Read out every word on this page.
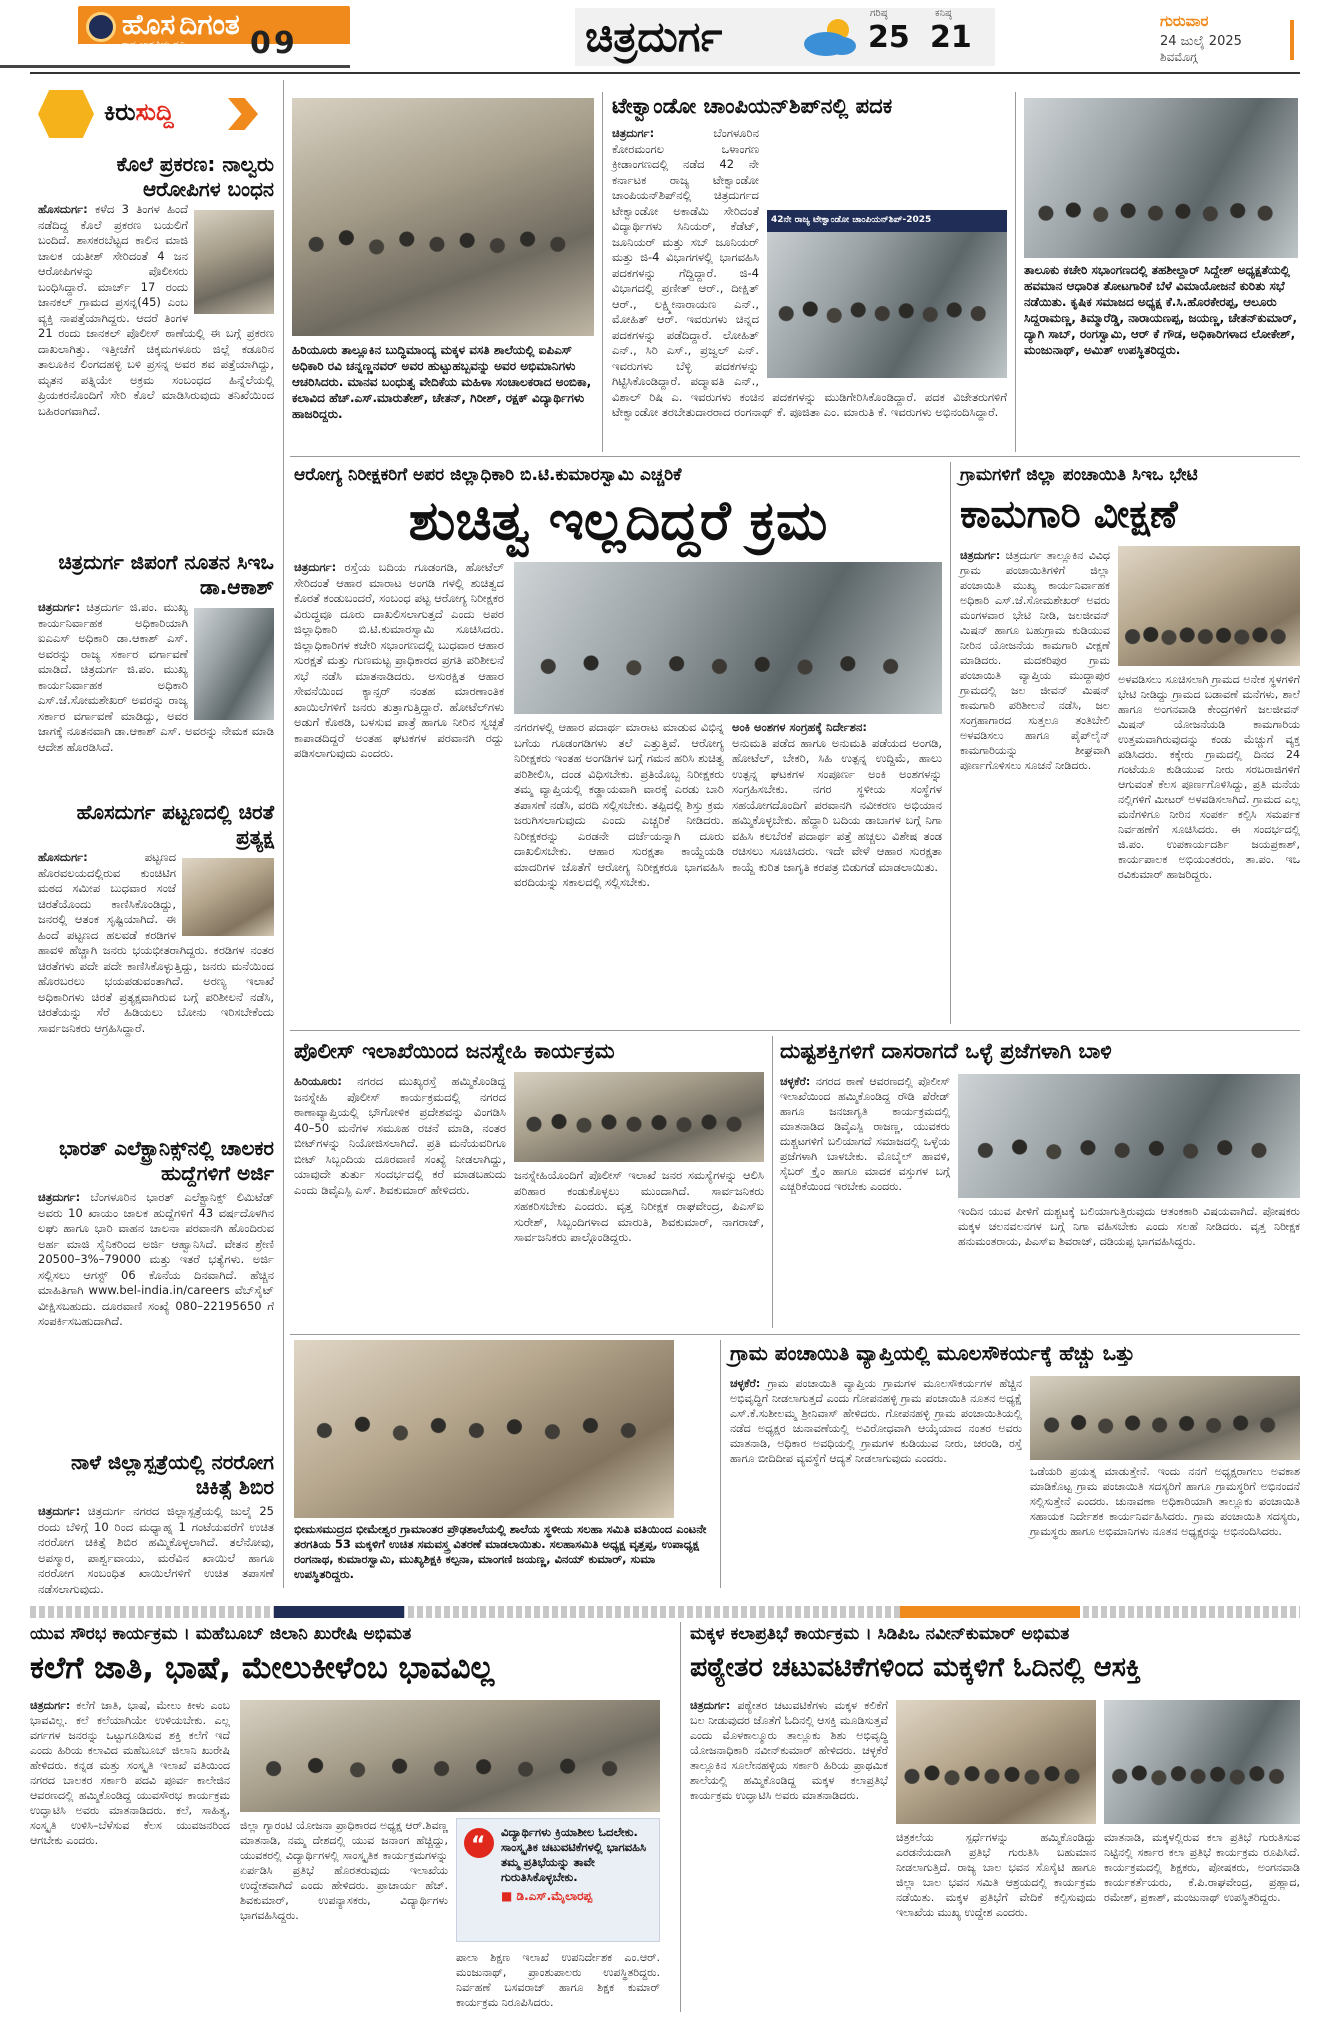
ಹೊಸ ದಿಗಂತ
09	ಚಿತ್ರದುರ್ಗ	ಗರಿಷ್ಠ
25
ಕನಿಷ್ಠ
21	ಗುರುವಾರ
24 ಜುಲೈ 2025
ಶಿವಮೊಗ್ಗ
ಕಿರುಸುದ್ದಿ
ಕೊಲೆ ಪ್ರಕರಣ: ನಾಲ್ವರು ಆರೋಪಿಗಳ ಬಂಧನ
ಹೊಸದುರ್ಗ: ಕಳೆದ 3 ತಿಂಗಳ ಹಿಂದೆ ನಡೆದಿದ್ದ ಕೊಲೆ ಪ್ರಕರಣ ಬಯಲಿಗೆ ಬಂದಿದೆ. ಶಾಸಕರಬೆಟ್ಟದ ಕಾಲಿನ ಮಾಜಿ ಚಾಲಕ ಯತೀಶ್ ಸೇರಿದಂತೆ 4 ಜನ ಆರೋಪಿಗಳನ್ನು ಪೊಲೀಸರು ಬಂಧಿಸಿದ್ದಾರೆ. ಮಾರ್ಚ್ 17 ರಂದು ಜಾನಕಲ್ ಗ್ರಾಮದ ಪ್ರಸನ್ನ(45) ಎಂಬ ವ್ಯಕ್ತಿ ನಾಪತ್ತೆಯಾಗಿದ್ದರು. ಆದರೆ ತಿಂಗಳ 21 ರಂದು ಜಾನಕಲ್ ಪೊಲೀಸ್ ಠಾಣೆಯಲ್ಲಿ ಈ ಬಗ್ಗೆ ಪ್ರಕರಣ ದಾಖಲಾಗಿತ್ತು. ಇತ್ತೀಚೆಗೆ ಚಿಕ್ಕಮಗಳೂರು ಜಿಲ್ಲೆ ಕಡೂರಿನ ತಾಲೂಕಿನ ಲಿಂಗದಹಳ್ಳಿ ಬಳಿ ಪ್ರಸನ್ನ ಅವರ ಶವ ಪತ್ತೆಯಾಗಿದ್ದು, ಮೃತನ ಪತ್ನಿಯೇ ಅಕ್ರಮ ಸಂಬಂಧದ ಹಿನ್ನೆಲೆಯಲ್ಲಿ ಪ್ರಿಯಕರನೊಂದಿಗೆ ಸೇರಿ ಕೊಲೆ ಮಾಡಿಸಿರುವುದು ತನಿಖೆಯಿಂದ ಬಹಿರಂಗವಾಗಿದೆ.
ಚಿತ್ರದುರ್ಗ ಜಿಪಂಗೆ ನೂತನ ಸಿಇಒ ಡಾ.ಆಕಾಶ್
ಚಿತ್ರದುರ್ಗ: ಚಿತ್ರದುರ್ಗ ಜಿ.ಪಂ. ಮುಖ್ಯ ಕಾರ್ಯನಿರ್ವಾಹಕ ಅಧಿಕಾರಿಯಾಗಿ ಐಎಎಸ್ ಅಧಿಕಾರಿ ಡಾ.ಆಕಾಶ್ ಎಸ್. ಅವರನ್ನು ರಾಜ್ಯ ಸರ್ಕಾರ ವರ್ಗಾವಣೆ ಮಾಡಿದೆ. ಚಿತ್ರದುರ್ಗ ಜಿ.ಪಂ. ಮುಖ್ಯ ಕಾರ್ಯನಿರ್ವಾಹಕ ಅಧಿಕಾರಿ ಎಸ್.ಜೆ.ಸೋಮಶೇಖರ್ ಅವರನ್ನು ರಾಜ್ಯ ಸರ್ಕಾರ ವರ್ಗಾವಣೆ ಮಾಡಿದ್ದು, ಅವರ ಜಾಗಕ್ಕೆ ನೂತನವಾಗಿ ಡಾ.ಆಕಾಶ್ ಎಸ್. ಅವರನ್ನು ನೇಮಕ ಮಾಡಿ ಆದೇಶ ಹೊರಡಿಸಿದೆ.
ಹೊಸದುರ್ಗ ಪಟ್ಟಣದಲ್ಲಿ ಚಿರತೆ ಪ್ರತ್ಯಕ್ಷ
ಹೊಸದುರ್ಗ:	ಪಟ್ಟಣದ ಹೊರವಲಯದಲ್ಲಿರುವ ಕುಂಚಿಟಿಗ ಮಠದ ಸಮೀಪ ಬುಧವಾರ ಸಂಜೆ ಚಿರತೆಯೊಂದು ಕಾಣಿಸಿಕೊಂಡಿದ್ದು, ಜನರಲ್ಲಿ ಆತಂಕ ಸೃಷ್ಟಿಯಾಗಿದೆ. ಈ ಹಿಂದೆ ಪಟ್ಟಣದ ಹಲವಡೆ ಕರಡಿಗಳ ಹಾವಳಿ ಹೆಚ್ಚಾಗಿ ಜನರು ಭಯಭೀತರಾಗಿದ್ದರು. ಕರಡಿಗಳ ನಂತರ ಚಿರತೆಗಳು ಪದೇ ಪದೇ ಕಾಣಿಸಿಕೊಳ್ಳುತ್ತಿದ್ದು, ಜನರು ಮನೆಯಿಂದ ಹೊರಬರಲು ಭಯಪಡುವಂತಾಗಿದೆ. ಅರಣ್ಯ ಇಲಾಖೆ ಅಧಿಕಾರಿಗಳು ಚಿರತೆ ಪ್ರತ್ಯಕ್ಷವಾಗಿರುವ ಬಗ್ಗೆ ಪರಿಶೀಲನೆ ನಡೆಸಿ, ಚಿರತೆಯನ್ನು ಸೆರೆ ಹಿಡಿಯಲು ಬೋನು ಇರಿಸಬೇಕೆಂದು ಸಾರ್ವಜನಿಕರು ಆಗ್ರಹಿಸಿದ್ದಾರೆ.
ಭಾರತ್ ಎಲೆಕ್ಟ್ರಾನಿಕ್ಸ್‌ನಲ್ಲಿ ಚಾಲಕರ ಹುದ್ದೆಗಳಿಗೆ ಅರ್ಜಿ
ಚಿತ್ರದುರ್ಗ: ಬೆಂಗಳೂರಿನ ಭಾರತ್ ಎಲೆಕ್ಟ್ರಾನಿಕ್ಸ್ ಲಿಮಿಟೆಡ್ ಅವರು 10 ಖಾಯಂ ಚಾಲಕ ಹುದ್ದೆಗಳಿಗೆ 43 ವರ್ಷದೊಳಗಿನ ಲಘು ಹಾಗೂ ಭಾರಿ ವಾಹನ ಚಾಲನಾ ಪರವಾನಗಿ ಹೊಂದಿರುವ ಅರ್ಹ ಮಾಜಿ ಸೈನಿಕರಿಂದ ಅರ್ಜಿ ಆಹ್ವಾನಿಸಿದೆ. ವೇತನ ಶ್ರೇಣಿ 20500–3%–79000 ಮತ್ತು ಇತರೆ ಭತ್ಯೆಗಳು. ಅರ್ಜಿ ಸಲ್ಲಿಸಲು ಆಗಸ್ಟ್ 06 ಕೊನೆಯ ದಿನವಾಗಿದೆ. ಹೆಚ್ಚಿನ ಮಾಹಿತಿಗಾಗಿ www.bel-india.in/careers ವೆಬ್‌ಸೈಟ್ ವೀಕ್ಷಿಸಬಹುದು. ದೂರವಾಣಿ ಸಂಖ್ಯೆ 080–22195650 ಗೆ ಸಂಪರ್ಕಿಸಬಹುದಾಗಿದೆ.
ನಾಳೆ ಜಿಲ್ಲಾಸ್ಪತ್ರೆಯಲ್ಲಿ ನರರೋಗ ಚಿಕಿತ್ಸೆ ಶಿಬಿರ
ಚಿತ್ರದುರ್ಗ: ಚಿತ್ರದುರ್ಗ ನಗರದ ಜಿಲ್ಲಾಸ್ಪತ್ರೆಯಲ್ಲಿ ಜುಲೈ 25 ರಂದು ಬೆಳಿಗ್ಗೆ 10 ರಿಂದ ಮಧ್ಯಾಹ್ನ 1 ಗಂಟೆಯವರೆಗೆ ಉಚಿತ ನರರೋಗ ಚಿಕಿತ್ಸೆ ಶಿಬಿರ ಹಮ್ಮಿಕೊಳ್ಳಲಾಗಿದೆ. ತಲೆನೋವು, ಅಪಸ್ಮಾರ, ಪಾರ್ಶ್ವವಾಯು, ಮರೆವಿನ ಖಾಯಿಲೆ ಹಾಗೂ ನರರೋಗ ಸಂಬಂಧಿತ ಖಾಯಿಲೆಗಳಿಗೆ ಉಚಿತ ತಪಾಸಣೆ ನಡೆಸಲಾಗುವುದು.
ಹಿರಿಯೂರು ತಾಲ್ಲೂಕಿನ ಬುದ್ಧಿಮಾಂದ್ಯ ಮಕ್ಕಳ ವಸತಿ ಶಾಲೆಯಲ್ಲಿ ಐಪಿಎಸ್ ಅಧಿಕಾರಿ ರವಿ ಚನ್ನಣ್ಣನವರ್ ಅವರ ಹುಟ್ಟುಹಬ್ಬವನ್ನು ಅವರ ಅಭಿಮಾನಿಗಳು ಆಚರಿಸಿದರು. ಮಾನವ ಬಂಧುತ್ವ ವೇದಿಕೆಯ ಮಹಿಳಾ ಸಂಚಾಲಕರಾದ ಅಂಬಿಕಾ, ಕಲಾವಿದ ಹೆಚ್.ಎಸ್.ಮಾರುತೇಶ್, ಚೇತನ್, ಗಿರೀಶ್, ರಕ್ಷಕ್ ವಿದ್ಯಾರ್ಥಿಗಳು ಹಾಜರಿದ್ದರು.
ಟೇಕ್ವಾಂಡೋ ಚಾಂಪಿಯನ್‌ಶಿಪ್‌ನಲ್ಲಿ ಪದಕ
42ನೇ ರಾಜ್ಯ ಟೇಕ್ವಾಂಡೋ ಚಾಂಪಿಯನ್‌ಶಿಪ್-2025
ಚಿತ್ರದುರ್ಗ:	ಬೆಂಗಳೂರಿನ ಕೋರಮಂಗಲ ಒಳಾಂಗಣ ಕ್ರೀಡಾಂಗಣದಲ್ಲಿ ನಡೆದ 42 ನೇ ಕರ್ನಾಟಕ ರಾಜ್ಯ ಟೇಕ್ವಾಂಡೋ ಚಾಂಪಿಯನ್‌ಶಿಪ್‌ನಲ್ಲಿ ಚಿತ್ರದುರ್ಗದ ಟೇಕ್ವಾಂಡೋ ಅಕಾಡೆಮಿ ಸೇರಿದಂತೆ ವಿದ್ಯಾರ್ಥಿಗಳು ಸಿನಿಯರ್, ಕೆಡೆಟ್, ಜೂನಿಯರ್ ಮತ್ತು ಸಬ್ ಜೂನಿಯರ್ ಮತ್ತು ಜಿ-4 ವಿಭಾಗಗಳಲ್ಲಿ ಭಾಗವಹಿಸಿ ಪದಕಗಳನ್ನು ಗೆದ್ದಿದ್ದಾರೆ. ಜಿ-4 ವಿಭಾಗದಲ್ಲಿ ಪ್ರಣೀತ್ ಆರ್., ದೀಕ್ಷಿತ್ ಆರ್., ಲಕ್ಷ್ಮೀನಾರಾಯಣ ಎನ್., ಮೋಹಿತ್ ಆರ್. ಇವರುಗಳು ಚಿನ್ನದ ಪದಕಗಳನ್ನು ಪಡೆದಿದ್ದಾರೆ. ಲೋಹಿತ್ ಎನ್., ಸಿರಿ ಎಸ್., ಪ್ರಜ್ವಲ್ ಎನ್. ಇವರುಗಳು ಬೆಳ್ಳಿ ಪದಕಗಳನ್ನು ಗಿಟ್ಟಿಸಿಕೊಂಡಿದ್ದಾರೆ. ಪದ್ಮಾವತಿ ಎನ್., ವಿಶಾಲ್ ರಿಷಿ ಎ. ಇವರುಗಳು ಕಂಚಿನ ಪದಕಗಳನ್ನು ಮುಡಿಗೇರಿಸಿಕೊಂಡಿದ್ದಾರೆ. ಪದಕ ವಿಜೇತರುಗಳಿಗೆ ಟೇಕ್ವಾಂಡೋ ತರಬೇತುದಾರರಾದ ರಂಗನಾಥ್ ಕೆ. ಪೂಜಿತಾ ಎಂ. ಮಾರುತಿ ಕೆ. ಇವರುಗಳು ಅಭಿನಂದಿಸಿದ್ದಾರೆ.
ತಾಲೂಕು ಕಚೇರಿ ಸಭಾಂಗಣದಲ್ಲಿ ತಹಶೀಲ್ದಾರ್ ಸಿದ್ದೇಶ್ ಅಧ್ಯಕ್ಷತೆಯಲ್ಲಿ ಹವಮಾನ ಆಧಾರಿತ ತೋಟಗಾರಿಕೆ ಬೆಳೆ ವಿಮಾಯೋಜನೆ ಕುರಿತು ಸಭೆ ನಡೆಯಿತು. ಕೃಷಿಕ ಸಮಾಜದ ಅಧ್ಯಕ್ಷ ಕೆ.ಸಿ.ಹೊರಕೇರಪ್ಪ, ಆಲೂರು ಸಿದ್ದರಾಮಣ್ಣ, ತಿಮ್ಮಾರೆಡ್ಡಿ, ನಾರಾಯಣಪ್ಪ, ಜಯಣ್ಣ, ಚೇತನ್‌ಕುಮಾರ್, ದ್ಯಾಗಿ ಸಾಬ್, ರಂಗಸ್ವಾಮಿ, ಆರ್ ಕೆ ಗೌಡ, ಅಧಿಕಾರಿಗಳಾದ ಲೋಕೇಶ್, ಮಂಜುನಾಥ್, ಅಮಿತ್ ಉಪಸ್ಥಿತರಿದ್ದರು.
ಆರೋಗ್ಯ ನಿರೀಕ್ಷಕರಿಗೆ ಅಪರ ಜಿಲ್ಲಾಧಿಕಾರಿ ಬಿ.ಟಿ.ಕುಮಾರಸ್ವಾಮಿ ಎಚ್ಚರಿಕೆ
ಶುಚಿತ್ವ ಇಲ್ಲದಿದ್ದರೆ ಕ್ರಮ
ಚಿತ್ರದುರ್ಗ: ರಸ್ತೆಯ ಬದಿಯ ಗೂಡಂಗಡಿ, ಹೋಟೆಲ್ ಸೇರಿದಂತೆ ಆಹಾರ ಮಾರಾಟ ಅಂಗಡಿ ಗಳಲ್ಲಿ ಶುಚಿತ್ವದ ಕೊರತೆ ಕಂಡುಬಂದರೆ, ಸಂಬಂಧ ಪಟ್ಟ ಆರೋಗ್ಯ ನಿರೀಕ್ಷಕರ ವಿರುದ್ಧವೂ ದೂರು ದಾಖಲಿಸಲಾಗುತ್ತದೆ ಎಂದು ಅಪರ ಜಿಲ್ಲಾಧಿಕಾರಿ ಬಿ.ಟಿ.ಕುಮಾರಸ್ವಾಮಿ ಸೂಚಿಸಿದರು. ಜಿಲ್ಲಾಧಿಕಾರಿಗಳ ಕಚೇರಿ ಸಭಾಂಗಣದಲ್ಲಿ ಬುಧವಾರ ಆಹಾರ ಸುರಕ್ಷತೆ ಮತ್ತು ಗುಣಮಟ್ಟ ಪ್ರಾಧಿಕಾರದ ಪ್ರಗತಿ ಪರಿಶೀಲನೆ ಸಭೆ ನಡೆಸಿ ಮಾತನಾಡಿದರು. ಅಸುರಕ್ಷಿತ ಆಹಾರ ಸೇವನೆಯಿಂದ ಕ್ಯಾನ್ಸರ್ ನಂತಹ ಮಾರಣಾಂತಿಕ ಖಾಯಿಲೆಗಳಿಗೆ ಜನರು ತುತ್ತಾಗುತ್ತಿದ್ದಾರೆ. ಹೋಟೆಲ್‌ಗಳು ಅಡುಗೆ ಕೊಠಡಿ, ಬಳಸುವ ಪಾತ್ರೆ ಹಾಗೂ ನೀರಿನ ಸ್ವಚ್ಛತೆ ಕಾಪಾಡದಿದ್ದರೆ ಅಂತಹ ಘಟಕಗಳ ಪರವಾನಗಿ ರದ್ದು ಪಡಿಸಲಾಗುವುದು ಎಂದರು.
ನಗರಗಳಲ್ಲಿ ಆಹಾರ ಪದಾರ್ಥ ಮಾರಾಟ ಮಾಡುವ ವಿಭಿನ್ನ ಬಗೆಯ ಗೂಡಂಗಡಿಗಳು ತಲೆ ಎತ್ತುತ್ತಿವೆ. ಆರೋಗ್ಯ ನಿರೀಕ್ಷಕರು ಇಂತಹ ಅಂಗಡಿಗಳ ಬಗ್ಗೆ ಗಮನ ಹರಿಸಿ ಶುಚಿತ್ವ ಪರಿಶೀಲಿಸಿ, ದಂಡ ವಿಧಿಸಬೇಕು. ಪ್ರತಿಯೊಬ್ಬ ನಿರೀಕ್ಷಕರು ತಮ್ಮ ವ್ಯಾಪ್ತಿಯಲ್ಲಿ ಕಡ್ಡಾಯವಾಗಿ ವಾರಕ್ಕೆ ಎರಡು ಬಾರಿ ತಪಾಸಣೆ ನಡೆಸಿ, ವರದಿ ಸಲ್ಲಿಸಬೇಕು. ತಪ್ಪಿದಲ್ಲಿ ಶಿಸ್ತು ಕ್ರಮ ಜರುಗಿಸಲಾಗುವುದು ಎಂದು ಎಚ್ಚರಿಕೆ ನೀಡಿದರು. ನಿರೀಕ್ಷಕರನ್ನು ಎರಡನೇ ದರ್ಜೆಯನ್ನಾಗಿ ದೂರು ದಾಖಲಿಸಬೇಕು. ಆಹಾರ ಸುರಕ್ಷತಾ ಕಾಯ್ದೆಯಡಿ ಮಾದರಿಗಳ ಜೊತೆಗೆ ಆರೋಗ್ಯ ನಿರೀಕ್ಷಕರೂ ಭಾಗವಹಿಸಿ ವರದಿಯನ್ನು ಸಕಾಲದಲ್ಲಿ ಸಲ್ಲಿಸಬೇಕು.
ಅಂಕಿ ಅಂಶಗಳ ಸಂಗ್ರಹಕ್ಕೆ ನಿರ್ದೇಶನ:
ಅನುಮತಿ ಪಡೆದ ಹಾಗೂ ಅನುಮತಿ ಪಡೆಯದ ಅಂಗಡಿ, ಹೋಟೆಲ್, ಬೇಕರಿ, ಸಿಹಿ ಉತ್ಪನ್ನ ಉದ್ದಿಮೆ, ಹಾಲು ಉತ್ಪನ್ನ ಘಟಕಗಳ ಸಂಪೂರ್ಣ ಅಂಕಿ ಅಂಶಗಳನ್ನು ಸಂಗ್ರಹಿಸಬೇಕು. ನಗರ ಸ್ಥಳೀಯ ಸಂಸ್ಥೆಗಳ ಸಹಯೋಗದೊಂದಿಗೆ ಪರವಾನಗಿ ನವೀಕರಣ ಅಭಿಯಾನ ಹಮ್ಮಿಕೊಳ್ಳಬೇಕು. ಹೆದ್ದಾರಿ ಬದಿಯ ಡಾಬಾಗಳ ಬಗ್ಗೆ ನಿಗಾ ವಹಿಸಿ ಕಲಬೆರಕೆ ಪದಾರ್ಥ ಪತ್ತೆ ಹಚ್ಚಲು ವಿಶೇಷ ತಂಡ ರಚಿಸಲು ಸೂಚಿಸಿದರು. ಇದೇ ವೇಳೆ ಆಹಾರ ಸುರಕ್ಷತಾ ಕಾಯ್ದೆ ಕುರಿತ ಜಾಗೃತಿ ಕರಪತ್ರ ಬಿಡುಗಡೆ ಮಾಡಲಾಯಿತು.
ಗ್ರಾಮಗಳಿಗೆ ಜಿಲ್ಲಾ ಪಂಚಾಯಿತಿ ಸಿಇಒ ಭೇಟಿ
ಕಾಮಗಾರಿ ವೀಕ್ಷಣೆ
ಚಿತ್ರದುರ್ಗ: ಚಿತ್ರದುರ್ಗ ತಾಲ್ಲೂಕಿನ ವಿವಿಧ ಗ್ರಾಮ ಪಂಚಾಯಿತಿಗಳಿಗೆ ಜಿಲ್ಲಾ ಪಂಚಾಯಿತಿ ಮುಖ್ಯ ಕಾರ್ಯನಿರ್ವಾಹಕ ಅಧಿಕಾರಿ ಎಸ್.ಜೆ.ಸೋಮಶೇಖರ್ ಅವರು ಮಂಗಳವಾರ ಭೇಟಿ ನೀಡಿ, ಜಲಜೀವನ್ ಮಿಷನ್ ಹಾಗೂ ಬಹುಗ್ರಾಮ ಕುಡಿಯುವ ನೀರಿನ ಯೋಜನೆಯ ಕಾಮಗಾರಿ ವೀಕ್ಷಣೆ ಮಾಡಿದರು. ಮದಕರಿಪುರ ಗ್ರಾಮ ಪಂಚಾಯಿತಿ ವ್ಯಾಪ್ತಿಯ ಮುದ್ದಾಪುರ ಗ್ರಾಮದಲ್ಲಿ ಜಲ ಜೀವನ್ ಮಿಷನ್ ಕಾಮಗಾರಿ ಪರಿಶೀಲನೆ ನಡೆಸಿ, ಜಲ ಸಂಗ್ರಹಾಗಾರದ ಸುತ್ತಲೂ ತಂತಿಬೇಲಿ ಅಳವಡಿಸಲು ಹಾಗೂ ಪೈಪ್‌ಲೈನ್ ಕಾಮಗಾರಿಯನ್ನು ಶೀಘ್ರವಾಗಿ ಪೂರ್ಣಗೊಳಿಸಲು ಸೂಚನೆ ನೀಡಿದರು.
ಅಳವಡಿಸಲು ಸೂಚಿಸಲಾಗಿ ಗ್ರಾಮದ ಅನೇಕ ಸ್ಥಳಗಳಿಗೆ ಭೇಟಿ ನೀಡಿದ್ದು ಗ್ರಾಮದ ಬಡಾವಣೆ ಮನೆಗಳು, ಶಾಲೆ ಹಾಗೂ ಅಂಗನವಾಡಿ ಕೇಂದ್ರಗಳಿಗೆ ಜಲಜೀವನ್ ಮಿಷನ್ ಯೋಜನೆಯಡಿ ಕಾಮಗಾರಿಯ ಉತ್ತಮವಾಗಿರುವುದನ್ನು ಕಂಡು ಮೆಚ್ಚುಗೆ ವ್ಯಕ್ತ ಪಡಿಸಿದರು. ಕಕ್ಕೇರು ಗ್ರಾಮದಲ್ಲಿ ದಿನದ 24 ಗಂಟೆಯೂ ಕುಡಿಯುವ ನೀರು ಸರಬರಾಜಿಗಳಿಗೆ ಆಗುವಂತೆ ಕೆಲಸ ಪೂರ್ಣಗೊಳಿಸಿದ್ದು, ಪ್ರತಿ ಮನೆಯ ನಲ್ಲಿಗಳಿಗೆ ಮೀಟರ್ ಅಳವಡಿಸಲಾಗಿದೆ. ಗ್ರಾಮದ ಎಲ್ಲ ಮನೆಗಳಿಗೂ ನೀರಿನ ಸಂಪರ್ಕ ಕಲ್ಪಿಸಿ ಸಮರ್ಪಕ ನಿರ್ವಹಣೆಗೆ ಸೂಚಿಸಿದರು. ಈ ಸಂದರ್ಭದಲ್ಲಿ ಜಿ.ಪಂ. ಉಪಕಾರ್ಯದರ್ಶಿ ಜಯಪ್ರಕಾಶ್, ಕಾರ್ಯಪಾಲಕ ಅಭಿಯಂತರರು, ತಾ.ಪಂ. ಇಒ ರವಿಕುಮಾರ್ ಹಾಜರಿದ್ದರು.
ಪೊಲೀಸ್ ಇಲಾಖೆಯಿಂದ ಜನಸ್ನೇಹಿ ಕಾರ್ಯಕ್ರಮ
ಹಿರಿಯೂರು: ನಗರದ ಮುಖ್ಯರಸ್ತೆ ಹಮ್ಮಿಕೊಂಡಿದ್ದ ಜನಸ್ನೇಹಿ ಪೊಲೀಸ್ ಕಾರ್ಯಕ್ರಮದಲ್ಲಿ ನಗರದ ಠಾಣಾವ್ಯಾಪ್ತಿಯಲ್ಲಿ ಭೌಗೋಳಿಕ ಪ್ರದೇಶವನ್ನು ವಿಂಗಡಿಸಿ 40–50 ಮನೆಗಳ ಸಮೂಹ ರಚನೆ ಮಾಡಿ, ನಂತರ ಬೀಟ್‌ಗಳನ್ನು ನಿಯೋಜಿಸಲಾಗಿದೆ. ಪ್ರತಿ ಮನೆಯವರಿಗೂ ಬೀಟ್ ಸಿಬ್ಬಂದಿಯ ದೂರವಾಣಿ ಸಂಖ್ಯೆ ನೀಡಲಾಗಿದ್ದು, ಯಾವುದೇ ತುರ್ತು ಸಂದರ್ಭದಲ್ಲಿ ಕರೆ ಮಾಡಬಹುದು ಎಂದು ಡಿವೈಎಸ್ಪಿ ಎಸ್. ಶಿವಕುಮಾರ್ ಹೇಳಿದರು.
ಜನಸ್ನೇಹಿಯೊಂದಿಗೆ ಪೊಲೀಸ್ ಇಲಾಖೆ ಜನರ ಸಮಸ್ಯೆಗಳನ್ನು ಆಲಿಸಿ ಪರಿಹಾರ ಕಂಡುಕೊಳ್ಳಲು ಮುಂದಾಗಿದೆ. ಸಾರ್ವಜನಿಕರು ಸಹಕರಿಸಬೇಕು ಎಂದರು. ವೃತ್ತ ನಿರೀಕ್ಷಕ ರಾಘವೇಂದ್ರ, ಪಿಎಸ್‌ಐ ಸುರೇಶ್, ಸಿಬ್ಬಂದಿಗಳಾದ ಮಾರುತಿ, ಶಿವಕುಮಾರ್, ನಾಗರಾಜ್, ಸಾರ್ವಜನಿಕರು ಪಾಲ್ಗೊಂಡಿದ್ದರು.
ದುಷ್ಟಶಕ್ತಿಗಳಿಗೆ ದಾಸರಾಗದೆ ಒಳ್ಳೆ ಪ್ರಜೆಗಳಾಗಿ ಬಾಳಿ
ಚಳ್ಳಕೆರೆ: ನಗರದ ಠಾಣೆ ಆವರಣದಲ್ಲಿ ಪೊಲೀಸ್ ಇಲಾಖೆಯಿಂದ ಹಮ್ಮಿಕೊಂಡಿದ್ದ ರೌಡಿ ಪೆರೇಡ್ ಹಾಗೂ ಜನಜಾಗೃತಿ ಕಾರ್ಯಕ್ರಮದಲ್ಲಿ ಮಾತನಾಡಿದ ಡಿವೈಎಸ್ಪಿ ರಾಜಣ್ಣ, ಯುವಕರು ದುಶ್ಚಟಗಳಿಗೆ ಬಲಿಯಾಗದೆ ಸಮಾಜದಲ್ಲಿ ಒಳ್ಳೆಯ ಪ್ರಜೆಗಳಾಗಿ ಬಾಳಬೇಕು. ಮೊಬೈಲ್ ಹಾವಳಿ, ಸೈಬರ್ ಕ್ರೈಂ ಹಾಗೂ ಮಾದಕ ವಸ್ತುಗಳ ಬಗ್ಗೆ ಎಚ್ಚರಿಕೆಯಿಂದ ಇರಬೇಕು ಎಂದರು.
ಇಂದಿನ ಯುವ ಪೀಳಿಗೆ ದುಶ್ಚಟಕ್ಕೆ ಬಲಿಯಾಗುತ್ತಿರುವುದು ಆತಂಕಕಾರಿ ವಿಷಯವಾಗಿದೆ. ಪೋಷಕರು ಮಕ್ಕಳ ಚಲನವಲನಗಳ ಬಗ್ಗೆ ನಿಗಾ ವಹಿಸಬೇಕು ಎಂದು ಸಲಹೆ ನೀಡಿದರು. ವೃತ್ತ ನಿರೀಕ್ಷಕ ಹನುಮಂತರಾಯ, ಪಿಎಸ್‌ಐ ಶಿವರಾಜ್, ದಡಿಯಪ್ಪ ಭಾಗವಹಿಸಿದ್ದರು.
ಭೀಮಸಮುದ್ರದ ಭೀಮೇಶ್ವರ ಗ್ರಾಮಾಂತರ ಪ್ರೌಢಶಾಲೆಯಲ್ಲಿ ಶಾಲೆಯ ಸ್ಥಳೀಯ ಸಲಹಾ ಸಮಿತಿ ವತಿಯಿಂದ ಎಂಟನೇ ತರಗತಿಯ 53 ಮಕ್ಕಳಿಗೆ ಉಚಿತ ಸಮವಸ್ತ್ರ ವಿತರಣೆ ಮಾಡಲಾಯಿತು. ಸಲಹಾಸಮಿತಿ ಅಧ್ಯಕ್ಷ ವೃತ್ತಪ್ಪ, ಉಪಾಧ್ಯಕ್ಷ ರಂಗನಾಥ, ಕುಮಾರಸ್ವಾಮಿ, ಮುಖ್ಯಶಿಕ್ಷಕಿ ಕಲ್ಪನಾ, ಮಾಂಗಣಿ ಜಯಣ್ಣ, ವಿನಯ್ ಕುಮಾರ್, ಸುಮಾ ಉಪಸ್ಥಿತರಿದ್ದರು.
ಗ್ರಾಮ ಪಂಚಾಯಿತಿ ವ್ಯಾಪ್ತಿಯಲ್ಲಿ ಮೂಲಸೌಕರ್ಯಕ್ಕೆ ಹೆಚ್ಚು ಒತ್ತು
ಚಳ್ಳಕೆರೆ: ಗ್ರಾಮ ಪಂಚಾಯಿತಿ ವ್ಯಾಪ್ತಿಯ ಗ್ರಾಮಗಳ ಮೂಲಸೌಕರ್ಯಗಳ ಹೆಚ್ಚಿನ ಅಭಿವೃದ್ಧಿಗೆ ನೀಡಲಾಗುತ್ತದೆ ಎಂದು ಗೋಪನಹಳ್ಳಿ ಗ್ರಾಮ ಪಂಚಾಯಿತಿ ನೂತನ ಅಧ್ಯಕ್ಷೆ ಎಸ್.ಕೆ.ಸುಶೀಲಮ್ಮ ಶ್ರೀನಿವಾಸ್ ಹೇಳಿದರು. ಗೋಪನಹಳ್ಳಿ ಗ್ರಾಮ ಪಂಚಾಯಿತಿಯಲ್ಲಿ ನಡೆದ ಅಧ್ಯಕ್ಷರ ಚುನಾವಣೆಯಲ್ಲಿ ಅವಿರೋಧವಾಗಿ ಆಯ್ಕೆಯಾದ ನಂತರ ಅವರು ಮಾತನಾಡಿ, ಅಧಿಕಾರ ಅವಧಿಯಲ್ಲಿ ಗ್ರಾಮಗಳ ಕುಡಿಯುವ ನೀರು, ಚರಂಡಿ, ರಸ್ತೆ ಹಾಗೂ ಬೀದಿದೀಪ ವ್ಯವಸ್ಥೆಗೆ ಆದ್ಯತೆ ನೀಡಲಾಗುವುದು ಎಂದರು.
ಒಡೆಯರಿ ಪ್ರಯತ್ನ ಮಾಡುತ್ತೇನೆ. ಇಂದು ನನಗೆ ಅಧ್ಯಕ್ಷರಾಗಲು ಅವಕಾಶ ಮಾಡಿಕೊಟ್ಟ ಗ್ರಾಮ ಪಂಚಾಯಿತಿ ಸದಸ್ಯರಿಗೆ ಹಾಗೂ ಗ್ರಾಮಸ್ಥರಿಗೆ ಅಭಿನಂದನೆ ಸಲ್ಲಿಸುತ್ತೇನೆ ಎಂದರು. ಚುನಾವಣಾ ಅಧಿಕಾರಿಯಾಗಿ ತಾಲ್ಲೂಕು ಪಂಚಾಯಿತಿ ಸಹಾಯಕ ನಿರ್ದೇಶಕ ಕಾರ್ಯನಿರ್ವಹಿಸಿದರು. ಗ್ರಾಮ ಪಂಚಾಯಿತಿ ಸದಸ್ಯರು, ಗ್ರಾಮಸ್ಥರು ಹಾಗೂ ಅಭಿಮಾನಿಗಳು ನೂತನ ಅಧ್ಯಕ್ಷರನ್ನು ಅಭಿನಂದಿಸಿದರು.
ಯುವ ಸೌರಭ ಕಾರ್ಯಕ್ರಮ । ಮಹೆಬೂಬ್ ಜಿಲಾನಿ ಖುರೇಷಿ ಅಭಿಮತ
ಕಲೆಗೆ ಜಾತಿ, ಭಾಷೆ, ಮೇಲುಕೀಳೆಂಬ ಭಾವವಿಲ್ಲ
ಚಿತ್ರದುರ್ಗ: ಕಲೆಗೆ ಜಾತಿ, ಭಾಷೆ, ಮೇಲು ಕೀಳು ಎಂಬ ಭಾವವಿಲ್ಲ. ಕಲೆ ಕಲೆಯಾಗಿಯೇ ಉಳಿಯಬೇಕು. ಎಲ್ಲ ವರ್ಗಗಳ ಜನರನ್ನು ಒಟ್ಟುಗೂಡಿಸುವ ಶಕ್ತಿ ಕಲೆಗೆ ಇದೆ ಎಂದು ಹಿರಿಯ ಕಲಾವಿದ ಮಹೆಬೂಬ್ ಜಿಲಾನಿ ಖುರೇಷಿ ಹೇಳಿದರು. ಕನ್ನಡ ಮತ್ತು ಸಂಸ್ಕೃತಿ ಇಲಾಖೆ ವತಿಯಿಂದ ನಗರದ ಬಾಲಕರ ಸರ್ಕಾರಿ ಪದವಿ ಪೂರ್ವ ಕಾಲೇಜಿನ ಆವರಣದಲ್ಲಿ ಹಮ್ಮಿಕೊಂಡಿದ್ದ ಯುವಸೌರಭ ಕಾರ್ಯಕ್ರಮ ಉದ್ಘಾಟಿಸಿ ಅವರು ಮಾತನಾಡಿದರು. ಕಲೆ, ಸಾಹಿತ್ಯ, ಸಂಸ್ಕೃತಿ ಉಳಿಸಿ–ಬೆಳೆಸುವ ಕೆಲಸ ಯುವಜನರಿಂದ ಆಗಬೇಕು ಎಂದರು.
ಜಿಲ್ಲಾ ಗ್ಯಾರಂಟಿ ಯೋಜನಾ ಪ್ರಾಧಿಕಾರದ ಅಧ್ಯಕ್ಷ ಆರ್.ಶಿವಣ್ಣ ಮಾತನಾಡಿ, ನಮ್ಮ ದೇಶದಲ್ಲಿ ಯುವ ಜನಾಂಗ ಹೆಚ್ಚಿದ್ದು, ಯುವಕರಲ್ಲಿ ವಿದ್ಯಾರ್ಥಿಗಳಲ್ಲಿ ಸಾಂಸ್ಕೃತಿಕ ಕಾರ್ಯಕ್ರಮಗಳನ್ನು ಏರ್ಪಡಿಸಿ ಪ್ರತಿಭೆ ಹೊರತರುವುದು ಇಲಾಖೆಯ ಉದ್ದೇಶವಾಗಿದೆ ಎಂದು ಹೇಳಿದರು. ಪ್ರಾಚಾರ್ಯ ಹೆಚ್. ಶಿವಕುಮಾರ್, ಉಪನ್ಯಾಸಕರು, ವಿದ್ಯಾರ್ಥಿಗಳು ಭಾಗವಹಿಸಿದ್ದರು.
“
ವಿದ್ಯಾರ್ಥಿಗಳು ಕ್ರಿಯಾಶೀಲ ಓದಲೇಕು. ಸಾಂಸ್ಕೃತಿಕ ಚಟುವಟಿಕೆಗಳಲ್ಲಿ ಭಾಗವಹಿಸಿ ತಮ್ಮ ಪ್ರತಿಭೆಯನ್ನು ತಾವೇ ಗುರುತಿಸಿಕೊಳ್ಳಬೇಕು.
■ ಡಿ.ಎಸ್.ಮೈಲಾರಪ್ಪ
ಪಾಲಾ ಶಿಕ್ಷಣ ಇಲಾಖೆ ಉಪನಿರ್ದೇಶಕ ಎಂ.ಆರ್. ಮಂಜುನಾಥ್, ಪ್ರಾಂಶುಪಾಲರು ಉಪಸ್ಥಿತರಿದ್ದರು. ನಿರ್ವಹಣೆ ಬಸವರಾಜ್ ಹಾಗೂ ಶಿಕ್ಷಕ ಕುಮಾರ್ ಕಾರ್ಯಕ್ರಮ ನಿರೂಪಿಸಿದರು.
ಮಕ್ಕಳ ಕಲಾಪ್ರತಿಭೆ ಕಾರ್ಯಕ್ರಮ । ಸಿಡಿಪಿಒ ನವೀನ್‌ಕುಮಾರ್ ಅಭಿಮತ
ಪಠ್ಯೇತರ ಚಟುವಟಿಕೆಗಳಿಂದ ಮಕ್ಕಳಿಗೆ ಓದಿನಲ್ಲಿ ಆಸಕ್ತಿ
ಚಿತ್ರದುರ್ಗ: ಪಠ್ಯೇತರ ಚಟುವಟಿಕೆಗಳು ಮಕ್ಕಳ ಕಲಿಕೆಗೆ ಬಲ ನೀಡುವುದರ ಜೊತೆಗೆ ಓದಿನಲ್ಲಿ ಆಸಕ್ತಿ ಮೂಡಿಸುತ್ತವೆ ಎಂದು ಮೊಳಕಾಲ್ಮೂರು ತಾಲ್ಲೂಕು ಶಿಶು ಅಭಿವೃದ್ಧಿ ಯೋಜನಾಧಿಕಾರಿ ನವೀನ್‌ಕುಮಾರ್ ಹೇಳಿದರು. ಚಳ್ಳಕೆರೆ ತಾಲ್ಲೂಕಿನ ಸೂಲೇನಹಳ್ಳಿಯ ಸರ್ಕಾರಿ ಹಿರಿಯ ಪ್ರಾಥಮಿಕ ಶಾಲೆಯಲ್ಲಿ ಹಮ್ಮಿಕೊಂಡಿದ್ದ ಮಕ್ಕಳ ಕಲಾಪ್ರತಿಭೆ ಕಾರ್ಯಕ್ರಮ ಉದ್ಘಾಟಿಸಿ ಅವರು ಮಾತನಾಡಿದರು.
ಚಿತ್ರಕಲೆಯ ಸ್ಪರ್ಧೆಗಳನ್ನು ಹಮ್ಮಿಕೊಂಡಿದ್ದು ಎರಡನೆಯದಾಗಿ ಪ್ರತಿಭೆ ಗುರುತಿಸಿ ಬಹುಮಾನ ನೀಡಲಾಗುತ್ತಿದೆ. ರಾಜ್ಯ ಬಾಲ ಭವನ ಸೊಸೈಟಿ ಹಾಗೂ ಜಿಲ್ಲಾ ಬಾಲ ಭವನ ಸಮಿತಿ ಆಶ್ರಯದಲ್ಲಿ ಕಾರ್ಯಕ್ರಮ ನಡೆಯಿತು. ಮಕ್ಕಳ ಪ್ರತಿಭೆಗೆ ವೇದಿಕೆ ಕಲ್ಪಿಸುವುದು ಇಲಾಖೆಯ ಮುಖ್ಯ ಉದ್ದೇಶ ಎಂದರು.
ಮಾತನಾಡಿ, ಮಕ್ಕಳಲ್ಲಿರುವ ಕಲಾ ಪ್ರತಿಭೆ ಗುರುತಿಸುವ ನಿಟ್ಟಿನಲ್ಲಿ ಸರ್ಕಾರ ಕಲಾ ಪ್ರತಿಭೆ ಕಾರ್ಯಕ್ರಮ ರೂಪಿಸಿದೆ. ಕಾರ್ಯಕ್ರಮದಲ್ಲಿ ಶಿಕ್ಷಕರು, ಪೋಷಕರು, ಅಂಗನವಾಡಿ ಕಾರ್ಯಕರ್ತೆಯರು, ಕೆ.ಪಿ.ರಾಘವೇಂದ್ರ, ಪ್ರಹ್ಲಾದ, ರಮೇಶ್, ಪ್ರಕಾಶ್, ಮಂಜುನಾಥ್ ಉಪಸ್ಥಿತರಿದ್ದರು.
